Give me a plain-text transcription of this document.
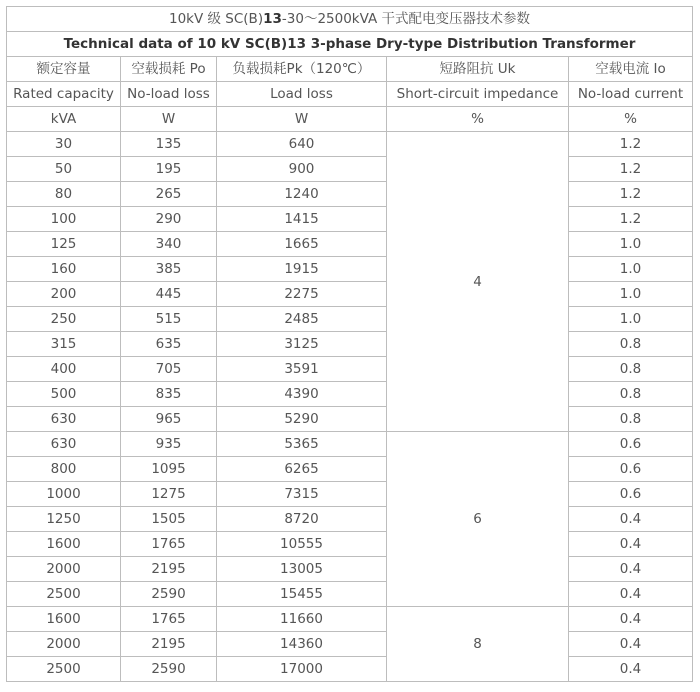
10kV 级 SC(B)13-30～2500kVA 干式配电变压器技术参数				
Technical data of 10 kV SC(B)13 3-phase Dry-type Distribution Transformer				
额定容量	空载损耗 Po	负载损耗Pk（120℃）	短路阻抗 Uk	空载电流 Io
Rated capacity	No-load loss	Load loss	Short-circuit impedance	No-load current
kVA	W	W	%	%
30	135	640	4	1.2
50	195	900		1.2
80	265	1240		1.2
100	290	1415		1.2
125	340	1665		1.0
160	385	1915		1.0
200	445	2275		1.0
250	515	2485		1.0
315	635	3125		0.8
400	705	3591		0.8
500	835	4390		0.8
630	965	5290		0.8
630	935	5365	6	0.6
800	1095	6265		0.6
1000	1275	7315		0.6
1250	1505	8720		0.4
1600	1765	10555		0.4
2000	2195	13005		0.4
2500	2590	15455		0.4
1600	1765	11660	8	0.4
2000	2195	14360		0.4
2500	2590	17000		0.4
